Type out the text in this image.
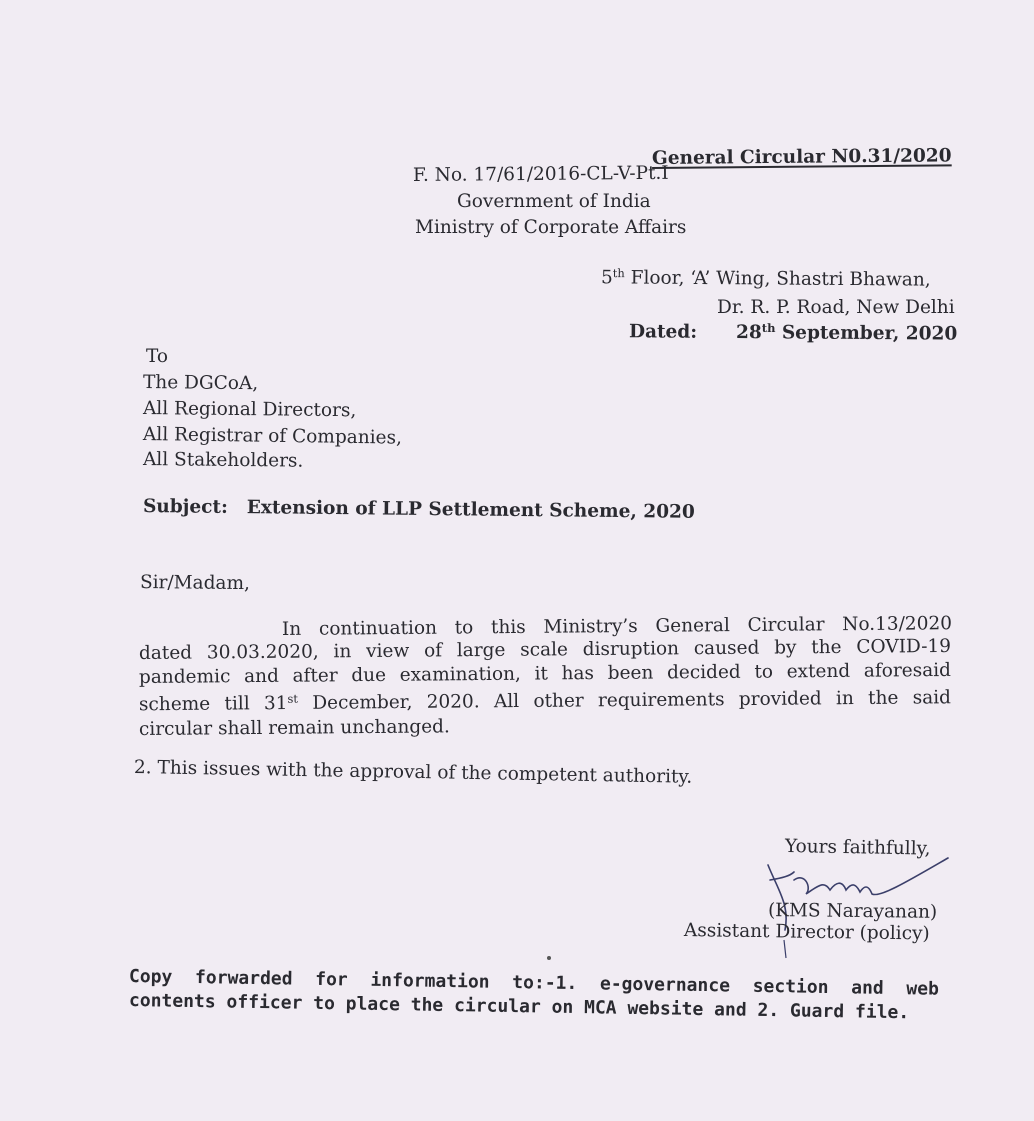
General Circular N0.31/2020
F. No. 17/61/2016-CL-V-Pt.I
Government of India
Ministry of Corporate Affairs
5th Floor, ‘A’ Wing, Shastri Bhawan,
Dr. R. P. Road, New Delhi
Dated: 28th September, 2020
To
The DGCoA,
All Regional Directors,
All Registrar of Companies,
All Stakeholders.
Subject: Extension of LLP Settlement Scheme, 2020
Sir/Madam,
In continuation to this Ministry’s General Circular No.13/2020
dated 30.03.2020, in view of large scale disruption caused by the COVID-19
pandemic and after due examination, it has been decided to extend aforesaid
scheme till 31st December, 2020. All other requirements provided in the said
circular shall remain unchanged.
2. This issues with the approval of the competent authority.
Yours faithfully,
(KMS Narayanan)
Assistant Director (policy)
Copy forwarded for information to:-1. e-governance section and web
contents officer to place the circular on MCA website and 2. Guard file.
